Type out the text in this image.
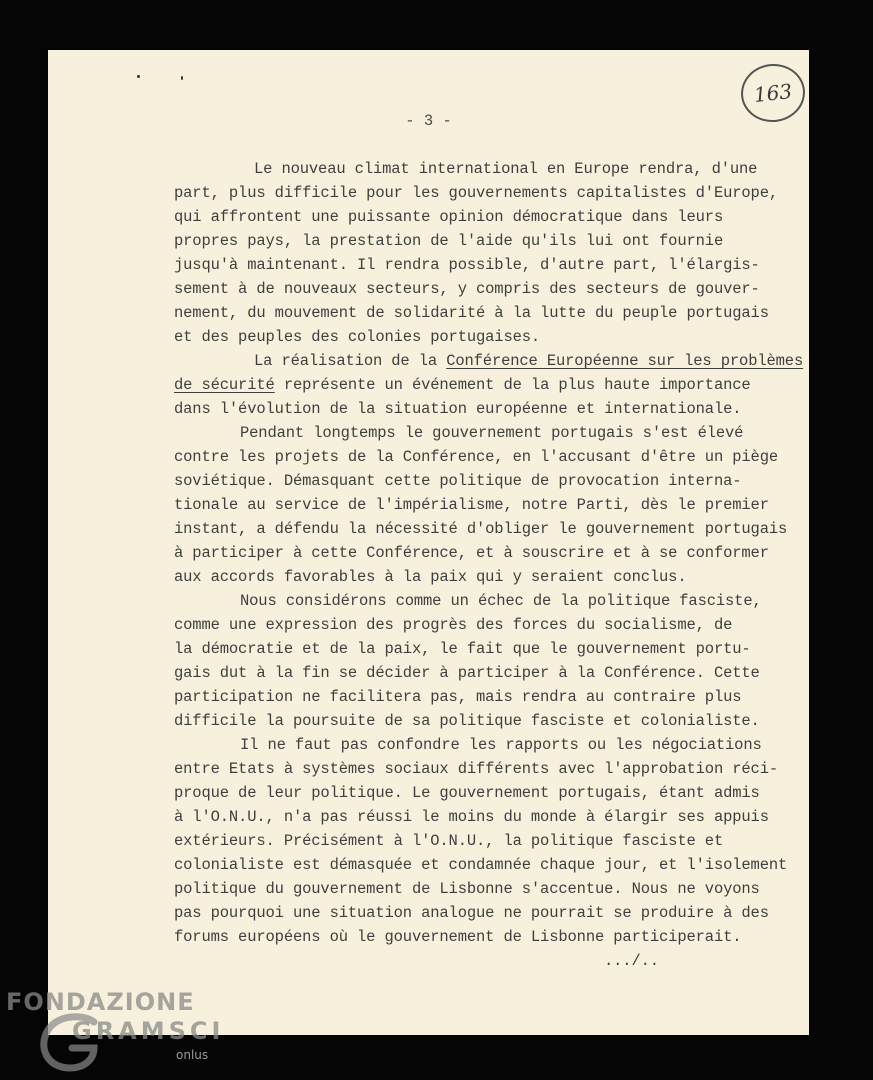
163
- 3 -
Le nouveau climat international en Europe rendra, d'une
part, plus difficile pour les gouvernements capitalistes d'Europe,
qui affrontent une puissante opinion démocratique dans leurs
propres pays, la prestation de l'aide qu'ils lui ont fournie
jusqu'à maintenant. Il rendra possible, d'autre part, l'élargis-
sement à de nouveaux secteurs, y compris des secteurs de gouver-
nement, du mouvement de solidarité à la lutte du peuple portugais
et des peuples des colonies portugaises.
La réalisation de la Conférence Européenne sur les problèmes
de sécurité représente un événement de la plus haute importance
dans l'évolution de la situation européenne et internationale.
Pendant longtemps le gouvernement portugais s'est élevé
contre les projets de la Conférence, en l'accusant d'être un piège
soviétique. Démasquant cette politique de provocation interna-
tionale au service de l'impérialisme, notre Parti, dès le premier
instant, a défendu la nécessité d'obliger le gouvernement portugais
à participer à cette Conférence, et à souscrire et à se conformer
aux accords favorables à la paix qui y seraient conclus.
Nous considérons comme un échec de la politique fasciste,
comme une expression des progrès des forces du socialisme, de
la démocratie et de la paix, le fait que le gouvernement portu-
gais dut à la fin se décider à participer à la Conférence. Cette
participation ne facilitera pas, mais rendra au contraire plus
difficile la poursuite de sa politique fasciste et colonialiste.
Il ne faut pas confondre les rapports ou les négociations
entre Etats à systèmes sociaux différents avec l'approbation réci-
proque de leur politique. Le gouvernement portugais, étant admis
à l'O.N.U., n'a pas réussi le moins du monde à élargir ses appuis
extérieurs. Précisément à l'O.N.U., la politique fasciste et
colonialiste est démasquée et condamnée chaque jour, et l'isolement
politique du gouvernement de Lisbonne s'accentue. Nous ne voyons
pas pourquoi une situation analogue ne pourrait se produire à des
forums européens où le gouvernement de Lisbonne participerait.
.../..
FONDAZIONE
GRAMSCI
onlus
